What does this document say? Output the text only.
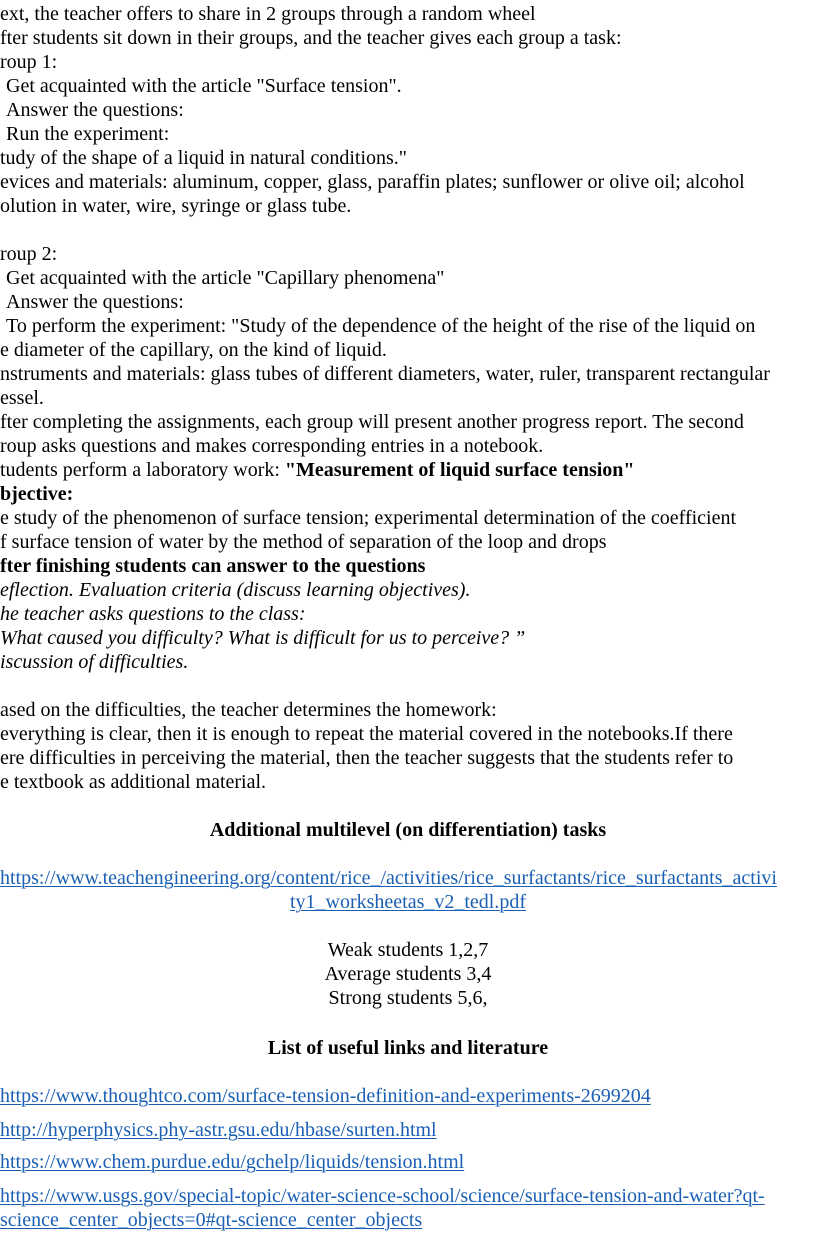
ext, the teacher offers to share in 2 groups through a random wheel
fter students sit down in their groups, and the teacher gives each group a task:
roup 1:
Get acquainted with the article "Surface tension".
Answer the questions:
Run the experiment:
tudy of the shape of a liquid in natural conditions."
evices and materials: aluminum, copper, glass, paraffin plates; sunflower or olive oil; alcohol
olution in water, wire, syringe or glass tube.
roup 2:
Get acquainted with the article "Capillary phenomena"
Answer the questions:
To perform the experiment: "Study of the dependence of the height of the rise of the liquid on
e diameter of the capillary, on the kind of liquid.
nstruments and materials: glass tubes of different diameters, water, ruler, transparent rectangular
essel.
fter completing the assignments, each group will present another progress report. The second
roup asks questions and makes corresponding entries in a notebook.
tudents perform a laboratory work: "Measurement of liquid surface tension"
bjective:
e study of the phenomenon of surface tension; experimental determination of the coefficient
f surface tension of water by the method of separation of the loop and drops
fter finishing students can answer to the questions
eflection. Evaluation criteria (discuss learning objectives).
he teacher asks questions to the class:
What caused you difficulty? What is difficult for us to perceive? ”
iscussion of difficulties.
ased on the difficulties, the teacher determines the homework:
everything is clear, then it is enough to repeat the material covered in the notebooks.If there
ere difficulties in perceiving the material, then the teacher suggests that the students refer to
e textbook as additional material.
Additional multilevel (on differentiation) tasks
https://www.teachengineering.org/content/rice_/activities/rice_surfactants/rice_surfactants_activi
ty1_worksheetas_v2_tedl.pdf
Weak students 1,2,7
Average students 3,4
Strong students 5,6,
List of useful links and literature
https://www.thoughtco.com/surface-tension-definition-and-experiments-2699204
http://hyperphysics.phy-astr.gsu.edu/hbase/surten.html
https://www.chem.purdue.edu/gchelp/liquids/tension.html
https://www.usgs.gov/special-topic/water-science-school/science/surface-tension-and-water?qt-
science_center_objects=0#qt-science_center_objects
